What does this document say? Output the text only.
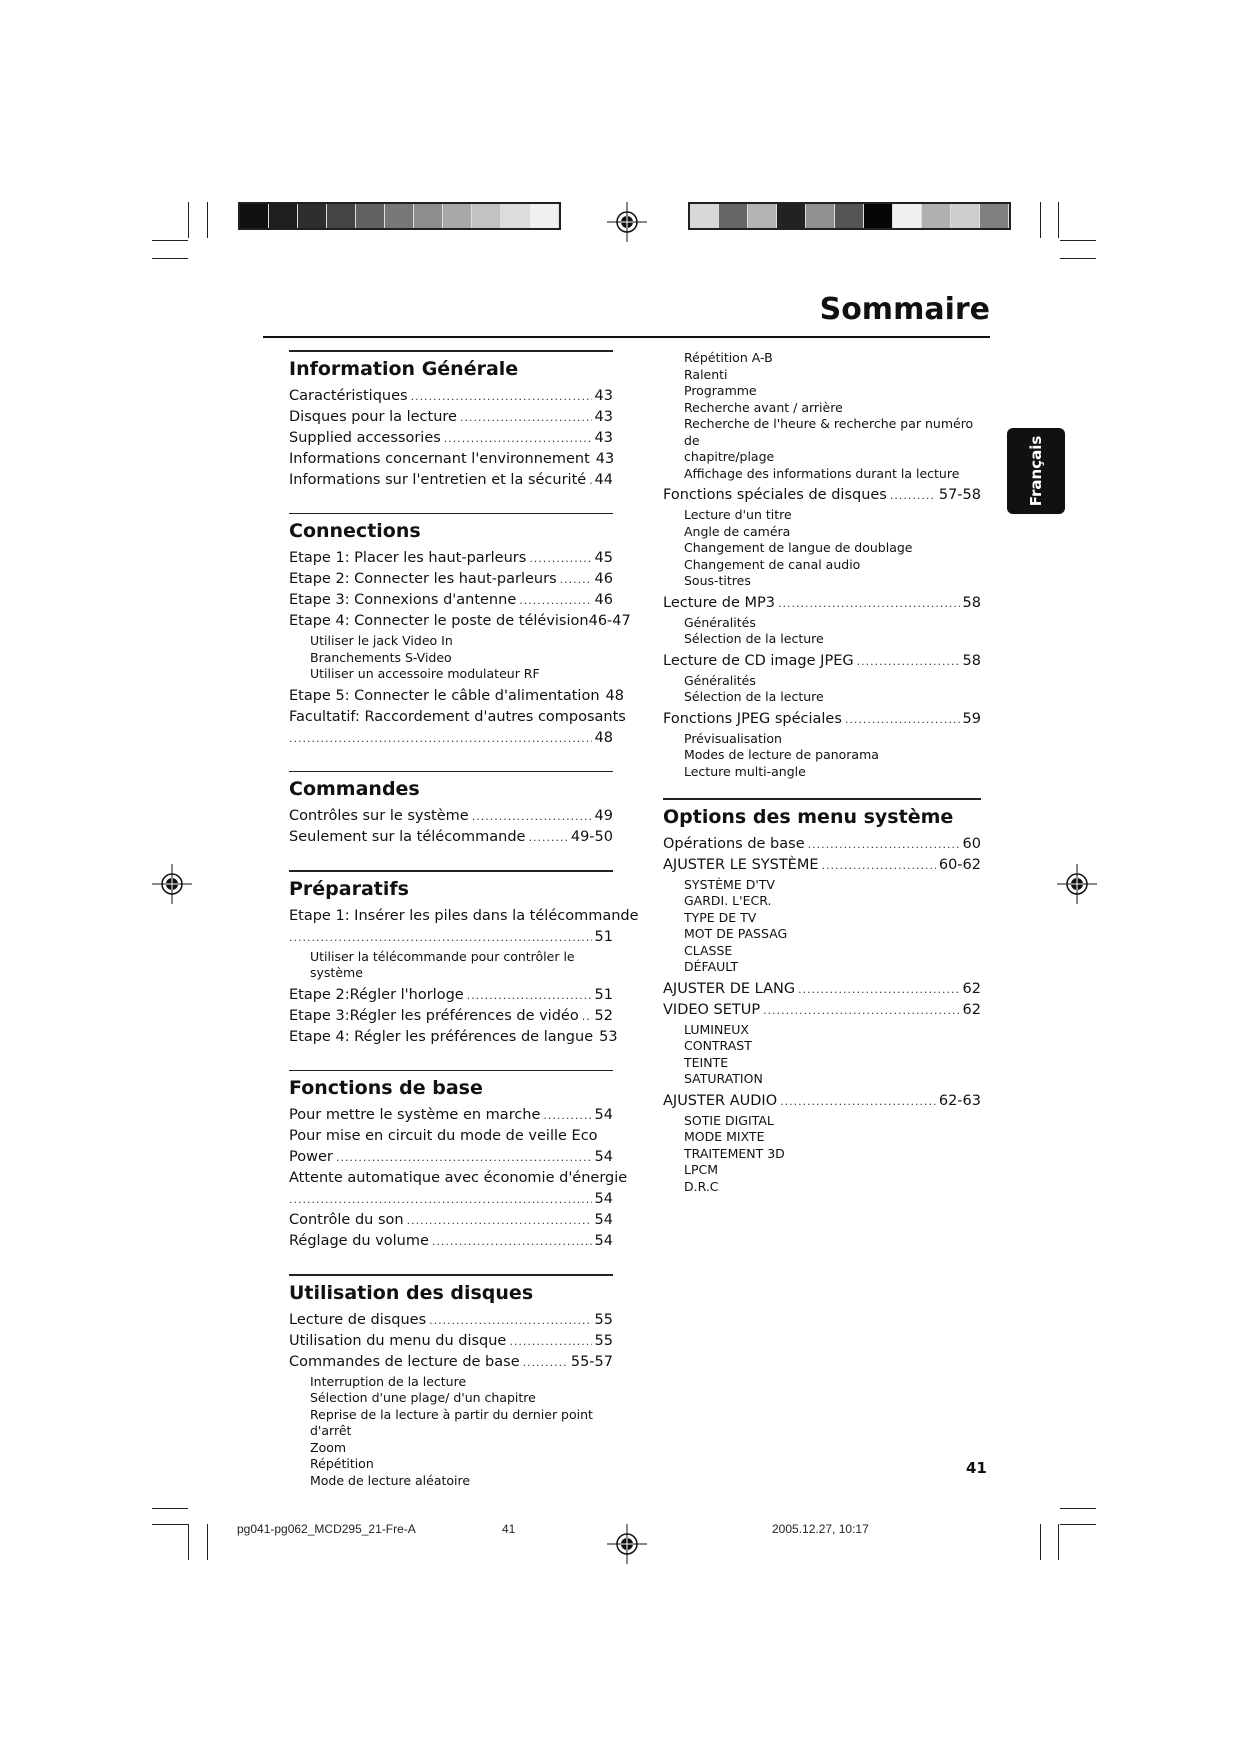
Sommaire
Français
Information Générale
Caractéristiques .....	43
Disques pour la lecture .....	43
Supplied accessories .....	43
Informations concernant l'environnement 43
Informations sur l'entretien et la sécurité ..... 44
Connections
Etape 1: Placer les haut-parleurs .....	45
Etape 2: Connecter les haut-parleurs .....	46
Etape 3: Connexions d'antenne .....	46
Etape 4: Connecter le poste de télévision 46-47
Utiliser le jack Video In
Branchements S-Video
Utiliser un accessoire modulateur RF
Etape 5: Connecter le câble d'alimentation 48
Facultatif: Raccordement d'autres composants
.....
48
Commandes
Contrôles sur le système .....	49
Seulement sur la télécommande .....	49-50
Préparatifs
Etape 1: Insérer les piles dans la télécommande
.....
51
Utiliser la télécommande pour contrôler le
système
Etape 2:Régler l'horloge .....	51
Etape 3:Régler les préférences de vidéo ..... 52
Etape 4: Régler les préférences de langue 53
Fonctions de base
Pour mettre le système en marche .....	54
Pour mise en circuit du mode de veille Eco
Power .....	54
Attente automatique avec économie d'énergie
.....
54
Contrôle du son .....	54
Réglage du volume .....	54
Utilisation des disques
Lecture de disques .....	55
Utilisation du menu du disque .....	55
Commandes de lecture de base .....	55-57
Interruption de la lecture
Sélection d'une plage/ d'un chapitre
Reprise de la lecture à partir du dernier point
d'arrêt
Zoom
Répétition
Mode de lecture aléatoire
Répétition A-B
Ralenti
Programme
Recherche avant / arrière
Recherche de l'heure & recherche par numéro de
chapitre/plage
Affichage des informations durant la lecture
Fonctions spéciales de disques .....	57-58
Lecture d'un titre
Angle de caméra
Changement de langue de doublage
Changement de canal audio
Sous-titres
Lecture de MP3 .....	58
Généralités
Sélection de la lecture
Lecture de CD image JPEG .....	58
Généralités
Sélection de la lecture
Fonctions JPEG spéciales .....	59
Prévisualisation
Modes de lecture de panorama
Lecture multi-angle
Options des menu système
Opérations de base .....	60
AJUSTER LE SYSTÈME .....	60-62
SYSTÈME D'TV
GARDI. L'ECR.
TYPE DE TV
MOT DE PASSAG
CLASSE
DÉFAULT
AJUSTER DE LANG .....	62
VIDEO SETUP .....	62
LUMINEUX
CONTRAST
TEINTE
SATURATION
AJUSTER AUDIO .....	62-63
SOTIE DIGITAL
MODE MIXTE
TRAITEMENT 3D
LPCM
D.R.C
41
pg041-pg062_MCD295_21-Fre-A	41	2005.12.27, 10:17
